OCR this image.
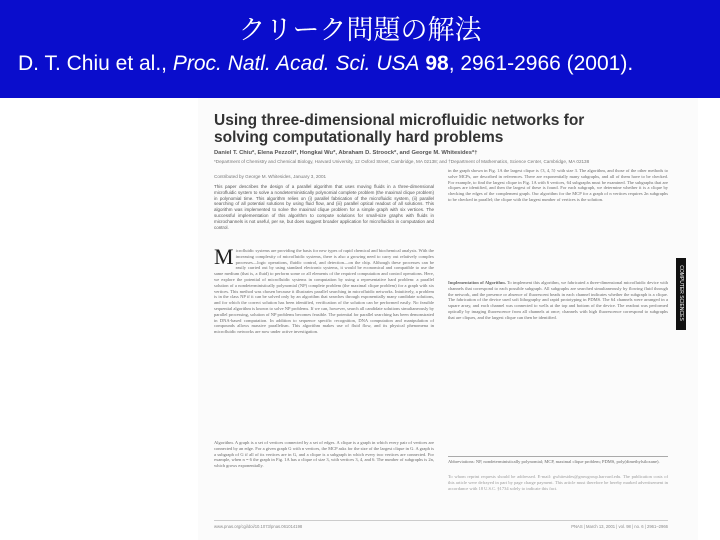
クリーク問題の解法
D. T. Chiu et al., Proc. Natl. Acad. Sci. USA 98, 2961-2966 (2001).
Using three-dimensional microfluidic networks for solving computationally hard problems
Daniel T. Chiu*, Elena Pezzoli*, Hongkai Wu*, Abraham D. Stroock*, and George M. Whitesides*†
*Department of Chemistry and Chemical Biology, Harvard University, 12 Oxford Street, Cambridge, MA 02138; and †Department of Mathematics, Science Center, Cambridge, MA 02138
Contributed by George M. Whitesides, January 3, 2001
This paper describes the design of a parallel algorithm that uses moving fluids in a three-dimensional microfluidic system to solve a nondeterministically polynomial complete problem (the maximal clique problem) in polynomial time. This algorithm relies on (i) parallel fabrication of the microfluidic system, (ii) parallel searching of all potential solutions by using fluid flow, and (iii) parallel optical readout of all solutions. This algorithm was implemented to solve the maximal clique problem for a simple graph with six vertices. The successful implementation of this algorithm to compute solutions for small-size graphs with fluids in microchannels is not useful, per se, but does suggest broader application for microfluidics in computation and control.
Microfluidic systems are providing the basis for new types of rapid chemical and biochemical analysis. With the increasing complexity of microfluidic systems, there is also a growing need to carry out relatively complex processes—logic operations, fluidic control, and detection—on the chip. Although these processes can be easily carried out by using standard electronic systems, it would be economical and compatible to use the same medium (that is, a fluid) to perform some or all elements of the required computation and control operations. Here, we explore the potential of microfluidic systems in computation by using a representative hard problem: a parallel solution of a nondeterministically polynomial (NP) complete problem (the maximal clique problem) for a graph with six vertices. This method was chosen because it illustrates parallel searching in microfluidic networks. Intuitively, a problem is in the class NP if it can be solved only by an algorithm that searches through exponentially many candidate solutions, and for which the correct solution has been identified, verification of the solution can be performed easily. No feasible sequential algorithm is known to solve NP problems. If we can, however, search all candidate solutions simultaneously by parallel processing, solution of NP problems becomes feasible. The potential for parallel searching has been demonstrated in DNA-based computation. In addition to sequence specific recognition, DNA computation and manipulation of compounds allows massive parallelism. This algorithm makes use of fluid flow, and its physical phenomena in microfluidic networks are now under active investigation.
Algorithm. A graph is a set of vertices connected by a set of edges. A clique is a graph in which every pair of vertices are connected by an edge. For a given graph G with n vertices, the MCP asks for the size of the largest clique in G. A graph is a subgraph of G if all of its vertices are in G, and a clique is a subgraph in which every two vertices are connected. For example, when n = 6 the graph in Fig. 1A has a clique of size 3, with vertices 3, 4, and 6. The number of subgraphs is 2n, which grows exponentially.
in the graph shown in Fig. 1A the largest clique is {3, 4, 5} with size 3. The algorithm, and those of the other methods to solve MCPs, are described in references. There are exponentially many subgraphs, and all of them have to be checked. For example, to find the largest clique in Fig. 1A with 6 vertices, 64 subgraphs must be examined. The subgraphs that are cliques are identified, and then the largest of these is found. For each subgraph, we determine whether it is a clique by checking the edges of the complement graph. Our algorithm for the MCP for a graph of n vertices requires 2n subgraphs to be checked in parallel; the clique with the largest number of vertices is the solution.
Implementation of Algorithm. To implement this algorithm, we fabricated a three-dimensional microfluidic device with channels that correspond to each possible subgraph. All subgraphs are searched simultaneously by flowing fluid through the network, and the presence or absence of fluorescent beads in each channel indicates whether the subgraph is a clique. The fabrication of the device used soft lithography and rapid prototyping in PDMS. The 64 channels were arranged in a square array, and each channel was connected to wells at the top and bottom of the device. The readout was performed optically by imaging fluorescence from all channels at once; channels with high fluorescence correspond to subgraphs that are cliques, and the largest clique can then be identified.
Abbreviations: NP, nondeterministically polynomial; MCP, maximal clique problem; PDMS, poly(dimethylsiloxane).
To whom reprint requests should be addressed. E-mail: gwhitesides@gmwgroup.harvard.edu. The publication costs of this article were defrayed in part by page charge payment. This article must therefore be hereby marked advertisement in accordance with 18 U.S.C. §1734 solely to indicate this fact.
COMPUTER SCIENCES
www.pnas.org/cgi/doi/10.1073/pnas.061014198	PNAS | March 13, 2001 | vol. 98 | no. 6 | 2961–2966
